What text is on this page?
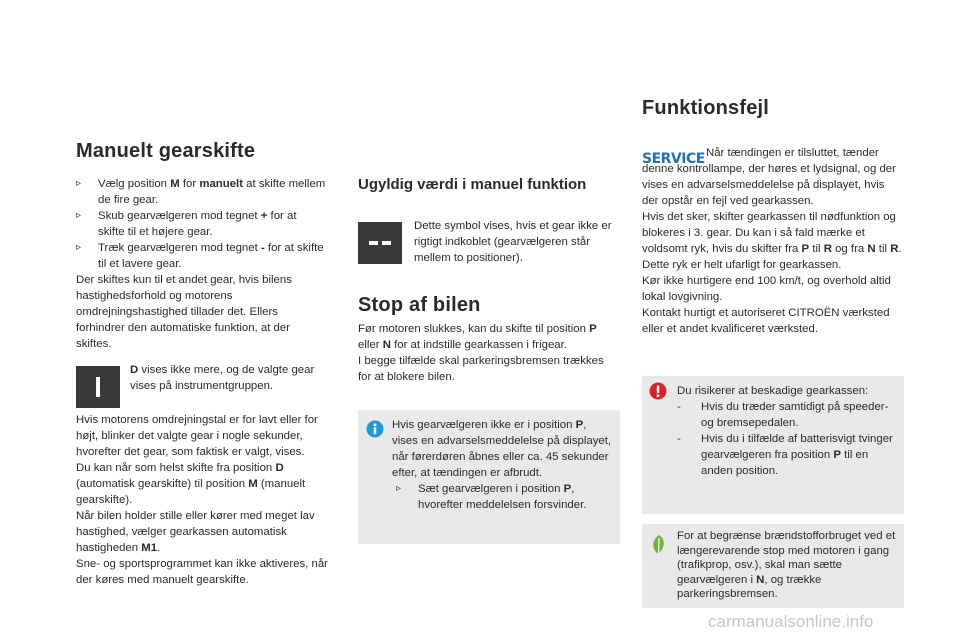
Manuelt gearskifte
▹	Vælg position M for manuelt at skifte mellem de fire gear.
▹	Skub gearvælgeren mod tegnet + for at skifte til et højere gear.
▹	Træk gearvælgeren mod tegnet - for at skifte til et lavere gear.

Der skiftes kun til et andet gear, hvis bilens hastighedsforhold og motorens omdrejningshastighed tillader det. Ellers forhindrer den automatiske funktion, at der skiftes.

D vises ikke mere, og de valgte gear vises på instrumentgruppen.

Hvis motorens omdrejningstal er for lavt eller for højt, blinker det valgte gear i nogle sekunder, hvorefter det gear, som faktisk er valgt, vises.

Du kan når som helst skifte fra position D (automatisk gearskifte) til position M (manuelt gearskifte).

Når bilen holder stille eller kører med meget lav hastighed, vælger gearkassen automatisk hastigheden M1.

Sne- og sportsprogrammet kan ikke aktiveres, når der køres med manuelt gearskifte.

Ugyldig værdi i manuel funktion

Dette symbol vises, hvis et gear ikke er rigtigt indkoblet (gearvælgeren står mellem to positioner).

Stop af bilen

Før motoren slukkes, kan du skifte til position P eller N for at indstille gearkassen i frigear.

I begge tilfælde skal parkeringsbremsen trækkes for at blokere bilen.

Hvis gearvælgeren ikke er i position P, vises en advarselsmeddelelse på displayet, når førerdøren åbnes eller ca. 45 sekunder efter, at tændingen er afbrudt.

▹	Sæt gearvælgeren i position P, hvorefter meddelelsen forsvinder.
Funktionsfejl
SERVICE Når tændingen er tilsluttet, tænder denne kontrollampe, der høres et lydsignal, og der vises en advarselsmeddelelse på displayet, hvis der opstår en fejl ved gearkassen.

Hvis det sker, skifter gearkassen til nødfunktion og blokeres i 3. gear. Du kan i så fald mærke et voldsomt ryk, hvis du skifter fra P til R og fra N til R. Dette ryk er helt ufarligt for gearkassen.

Kør ikke hurtigere end 100 km/t, og overhold altid lokal lovgivning.

Kontakt hurtigt et autoriseret CITROËN værksted eller et andet kvalificeret værksted.

Du risikerer at beskadige gearkassen:

-	Hvis du træder samtidigt på speeder- og bremsepedalen.
-	Hvis du i tilfælde af batterisvigt tvinger gearvælgeren fra position P til en anden position.

For at begrænse brændstofforbruget ved et længerevarende stop med motoren i gang (trafikprop, osv.), skal man sætte gearvælgeren i N, og trække parkeringsbremsen.

carmanualsonline.info
